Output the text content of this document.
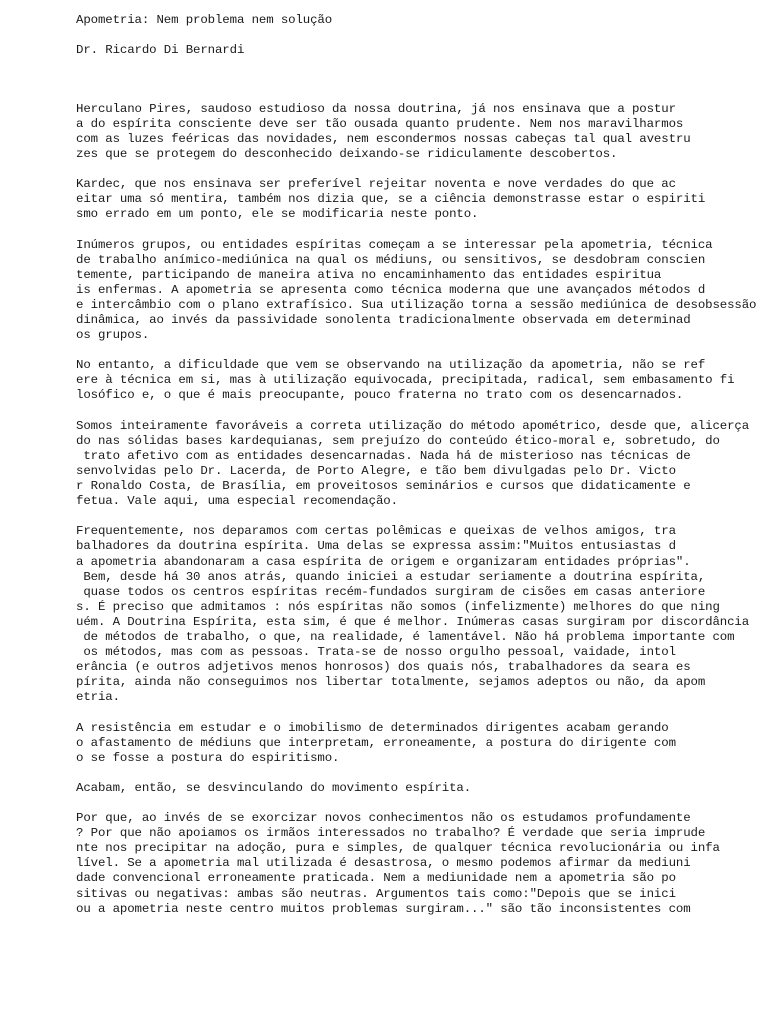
Apometria: Nem problema nem solução
Dr. Ricardo Di Bernardi
Herculano Pires, saudoso estudioso da nossa doutrina, já nos ensinava que a postur
a do espírita consciente deve ser tão ousada quanto prudente. Nem nos maravilharmos
com as luzes feéricas das novidades, nem escondermos nossas cabeças tal qual avestru
zes que se protegem do desconhecido deixando-se ridiculamente descobertos.
Kardec, que nos ensinava ser preferível rejeitar noventa e nove verdades do que ac
eitar uma só mentira, também nos dizia que, se a ciência demonstrasse estar o espiriti
smo errado em um ponto, ele se modificaria neste ponto.
Inúmeros grupos, ou entidades espíritas começam a se interessar pela apometria, técnica
de trabalho anímico-mediúnica na qual os médiuns, ou sensitivos, se desdobram conscien
temente, participando de maneira ativa no encaminhamento das entidades espiritua
is enfermas. A apometria se apresenta como técnica moderna que une avançados métodos d
e intercâmbio com o plano extrafísico. Sua utilização torna a sessão mediúnica de desobsessão
dinâmica, ao invés da passividade sonolenta tradicionalmente observada em determinad
os grupos.
No entanto, a dificuldade que vem se observando na utilização da apometria, não se ref
ere à técnica em si, mas à utilização equivocada, precipitada, radical, sem embasamento fi
losófico e, o que é mais preocupante, pouco fraterna no trato com os desencarnados.
Somos inteiramente favoráveis a correta utilização do método apométrico, desde que, alicerça
do nas sólidas bases kardequianas, sem prejuízo do conteúdo ético-moral e, sobretudo, do
trato afetivo com as entidades desencarnadas. Nada há de misterioso nas técnicas de
senvolvidas pelo Dr. Lacerda, de Porto Alegre, e tão bem divulgadas pelo Dr. Victo
r Ronaldo Costa, de Brasília, em proveitosos seminários e cursos que didaticamente e
fetua. Vale aqui, uma especial recomendação.
Frequentemente, nos deparamos com certas polêmicas e queixas de velhos amigos, tra
balhadores da doutrina espírita. Uma delas se expressa assim:"Muitos entusiastas d
a apometria abandonaram a casa espírita de origem e organizaram entidades próprias".
Bem, desde há 30 anos atrás, quando iniciei a estudar seriamente a doutrina espírita,
quase todos os centros espíritas recém-fundados surgiram de cisões em casas anteriore
s. É preciso que admitamos : nós espíritas não somos (infelizmente) melhores do que ning
uém. A Doutrina Espírita, esta sim, é que é melhor. Inúmeras casas surgiram por discordância
de métodos de trabalho, o que, na realidade, é lamentável. Não há problema importante com
os métodos, mas com as pessoas. Trata-se de nosso orgulho pessoal, vaidade, intol
erância (e outros adjetivos menos honrosos) dos quais nós, trabalhadores da seara es
pírita, ainda não conseguimos nos libertar totalmente, sejamos adeptos ou não, da apom
etria.
A resistência em estudar e o imobilismo de determinados dirigentes acabam gerando
o afastamento de médiuns que interpretam, erroneamente, a postura do dirigente com
o se fosse a postura do espiritismo.
Acabam, então, se desvinculando do movimento espírita.
Por que, ao invés de se exorcizar novos conhecimentos não os estudamos profundamente
? Por que não apoiamos os irmãos interessados no trabalho? É verdade que seria imprude
nte nos precipitar na adoção, pura e simples, de qualquer técnica revolucionária ou infa
lível. Se a apometria mal utilizada é desastrosa, o mesmo podemos afirmar da mediuni
dade convencional erroneamente praticada. Nem a mediunidade nem a apometria são po
sitivas ou negativas: ambas são neutras. Argumentos tais como:"Depois que se inici
ou a apometria neste centro muitos problemas surgiram..." são tão inconsistentes com
